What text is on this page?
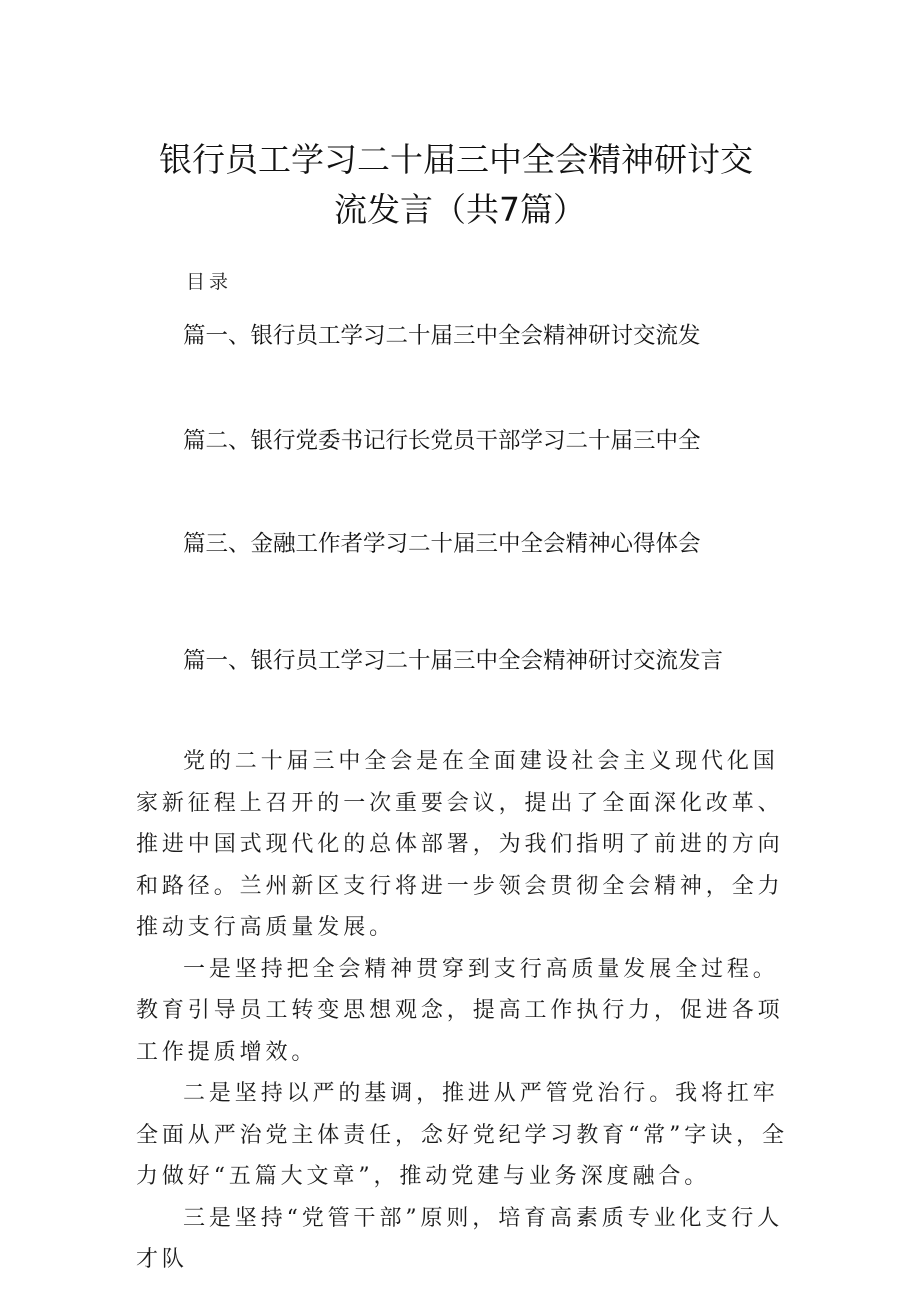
银行员工学习二十届三中全会精神研讨交
流发言（共7篇）
目录
篇一、银行员工学习二十届三中全会精神研讨交流发
篇二、银行党委书记行长党员干部学习二十届三中全
篇三、金融工作者学习二十届三中全会精神心得体会
篇一、银行员工学习二十届三中全会精神研讨交流发言

党的二十届三中全会是在全面建设社会主义现代化国家新征程上召开的一次重要会议，提出了全面深化改革、推进中国式现代化的总体部署，为我们指明了前进的方向和路径。兰州新区支行将进一步领会贯彻全会精神，全力推动支行高质量发展。

一是坚持把全会精神贯穿到支行高质量发展全过程。教育引导员工转变思想观念，提高工作执行力，促进各项工作提质增效。

二是坚持以严的基调，推进从严管党治行。我将扛牢全面从严治党主体责任，念好党纪学习教育“常”字诀，全力做好“五篇大文章”，推动党建与业务深度融合。

三是坚持“党管干部”原则，培育高素质专业化支行人才队
